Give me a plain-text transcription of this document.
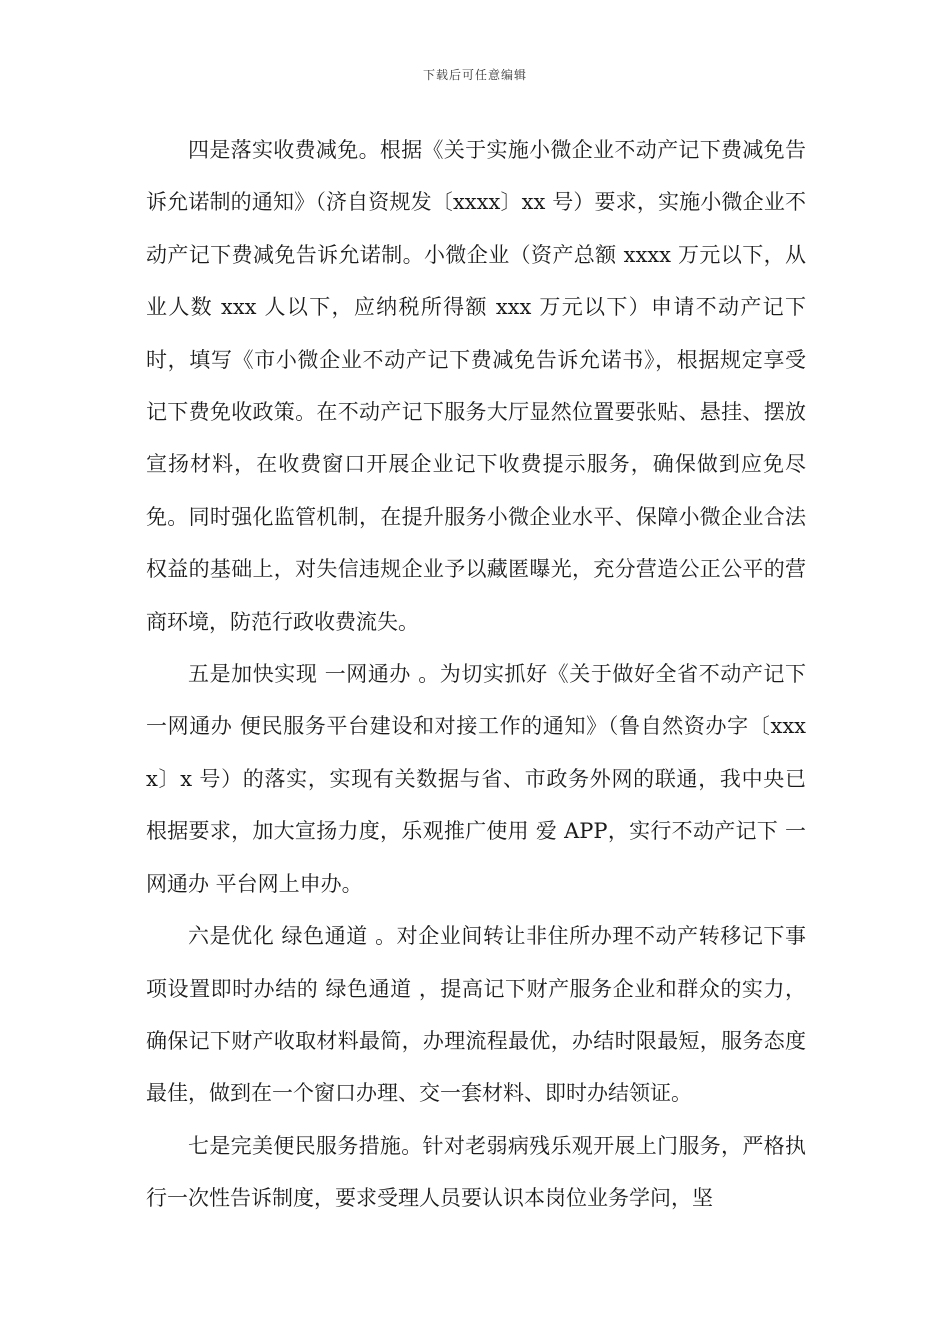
下载后可任意编辑

四是落实收费减免。根据《关于实施小微企业不动产记下费减免告诉允诺制的通知》（济自资规发〔xxxx〕xx 号）要求，实施小微企业不动产记下费减免告诉允诺制。小微企业（资产总额 xxxx 万元以下，从业人数 xxx 人以下，应纳税所得额 xxx 万元以下）申请不动产记下时，填写《市小微企业不动产记下费减免告诉允诺书》，根据规定享受记下费免收政策。在不动产记下服务大厅显然位置要张贴、悬挂、摆放宣扬材料，在收费窗口开展企业记下收费提示服务，确保做到应免尽免。同时强化监管机制，在提升服务小微企业水平、保障小微企业合法权益的基础上，对失信违规企业予以藏匿曝光，充分营造公正公平的营商环境，防范行政收费流失。

五是加快实现 一网通办 。为切实抓好《关于做好全省不动产记下 一网通办 便民服务平台建设和对接工作的通知》（鲁自然资办字〔xxxx〕x 号）的落实，实现有关数据与省、市政务外网的联通，我中央已根据要求，加大宣扬力度，乐观推广使用 爱 APP，实行不动产记下 一网通办 平台网上申办。

六是优化 绿色通道 。对企业间转让非住所办理不动产转移记下事项设置即时办结的 绿色通道 ，提高记下财产服务企业和群众的实力，确保记下财产收取材料最简，办理流程最优，办结时限最短，服务态度最佳，做到在一个窗口办理、交一套材料、即时办结领证。

七是完美便民服务措施。针对老弱病残乐观开展上门服务，严格执行一次性告诉制度，要求受理人员要认识本岗位业务学问，坚
